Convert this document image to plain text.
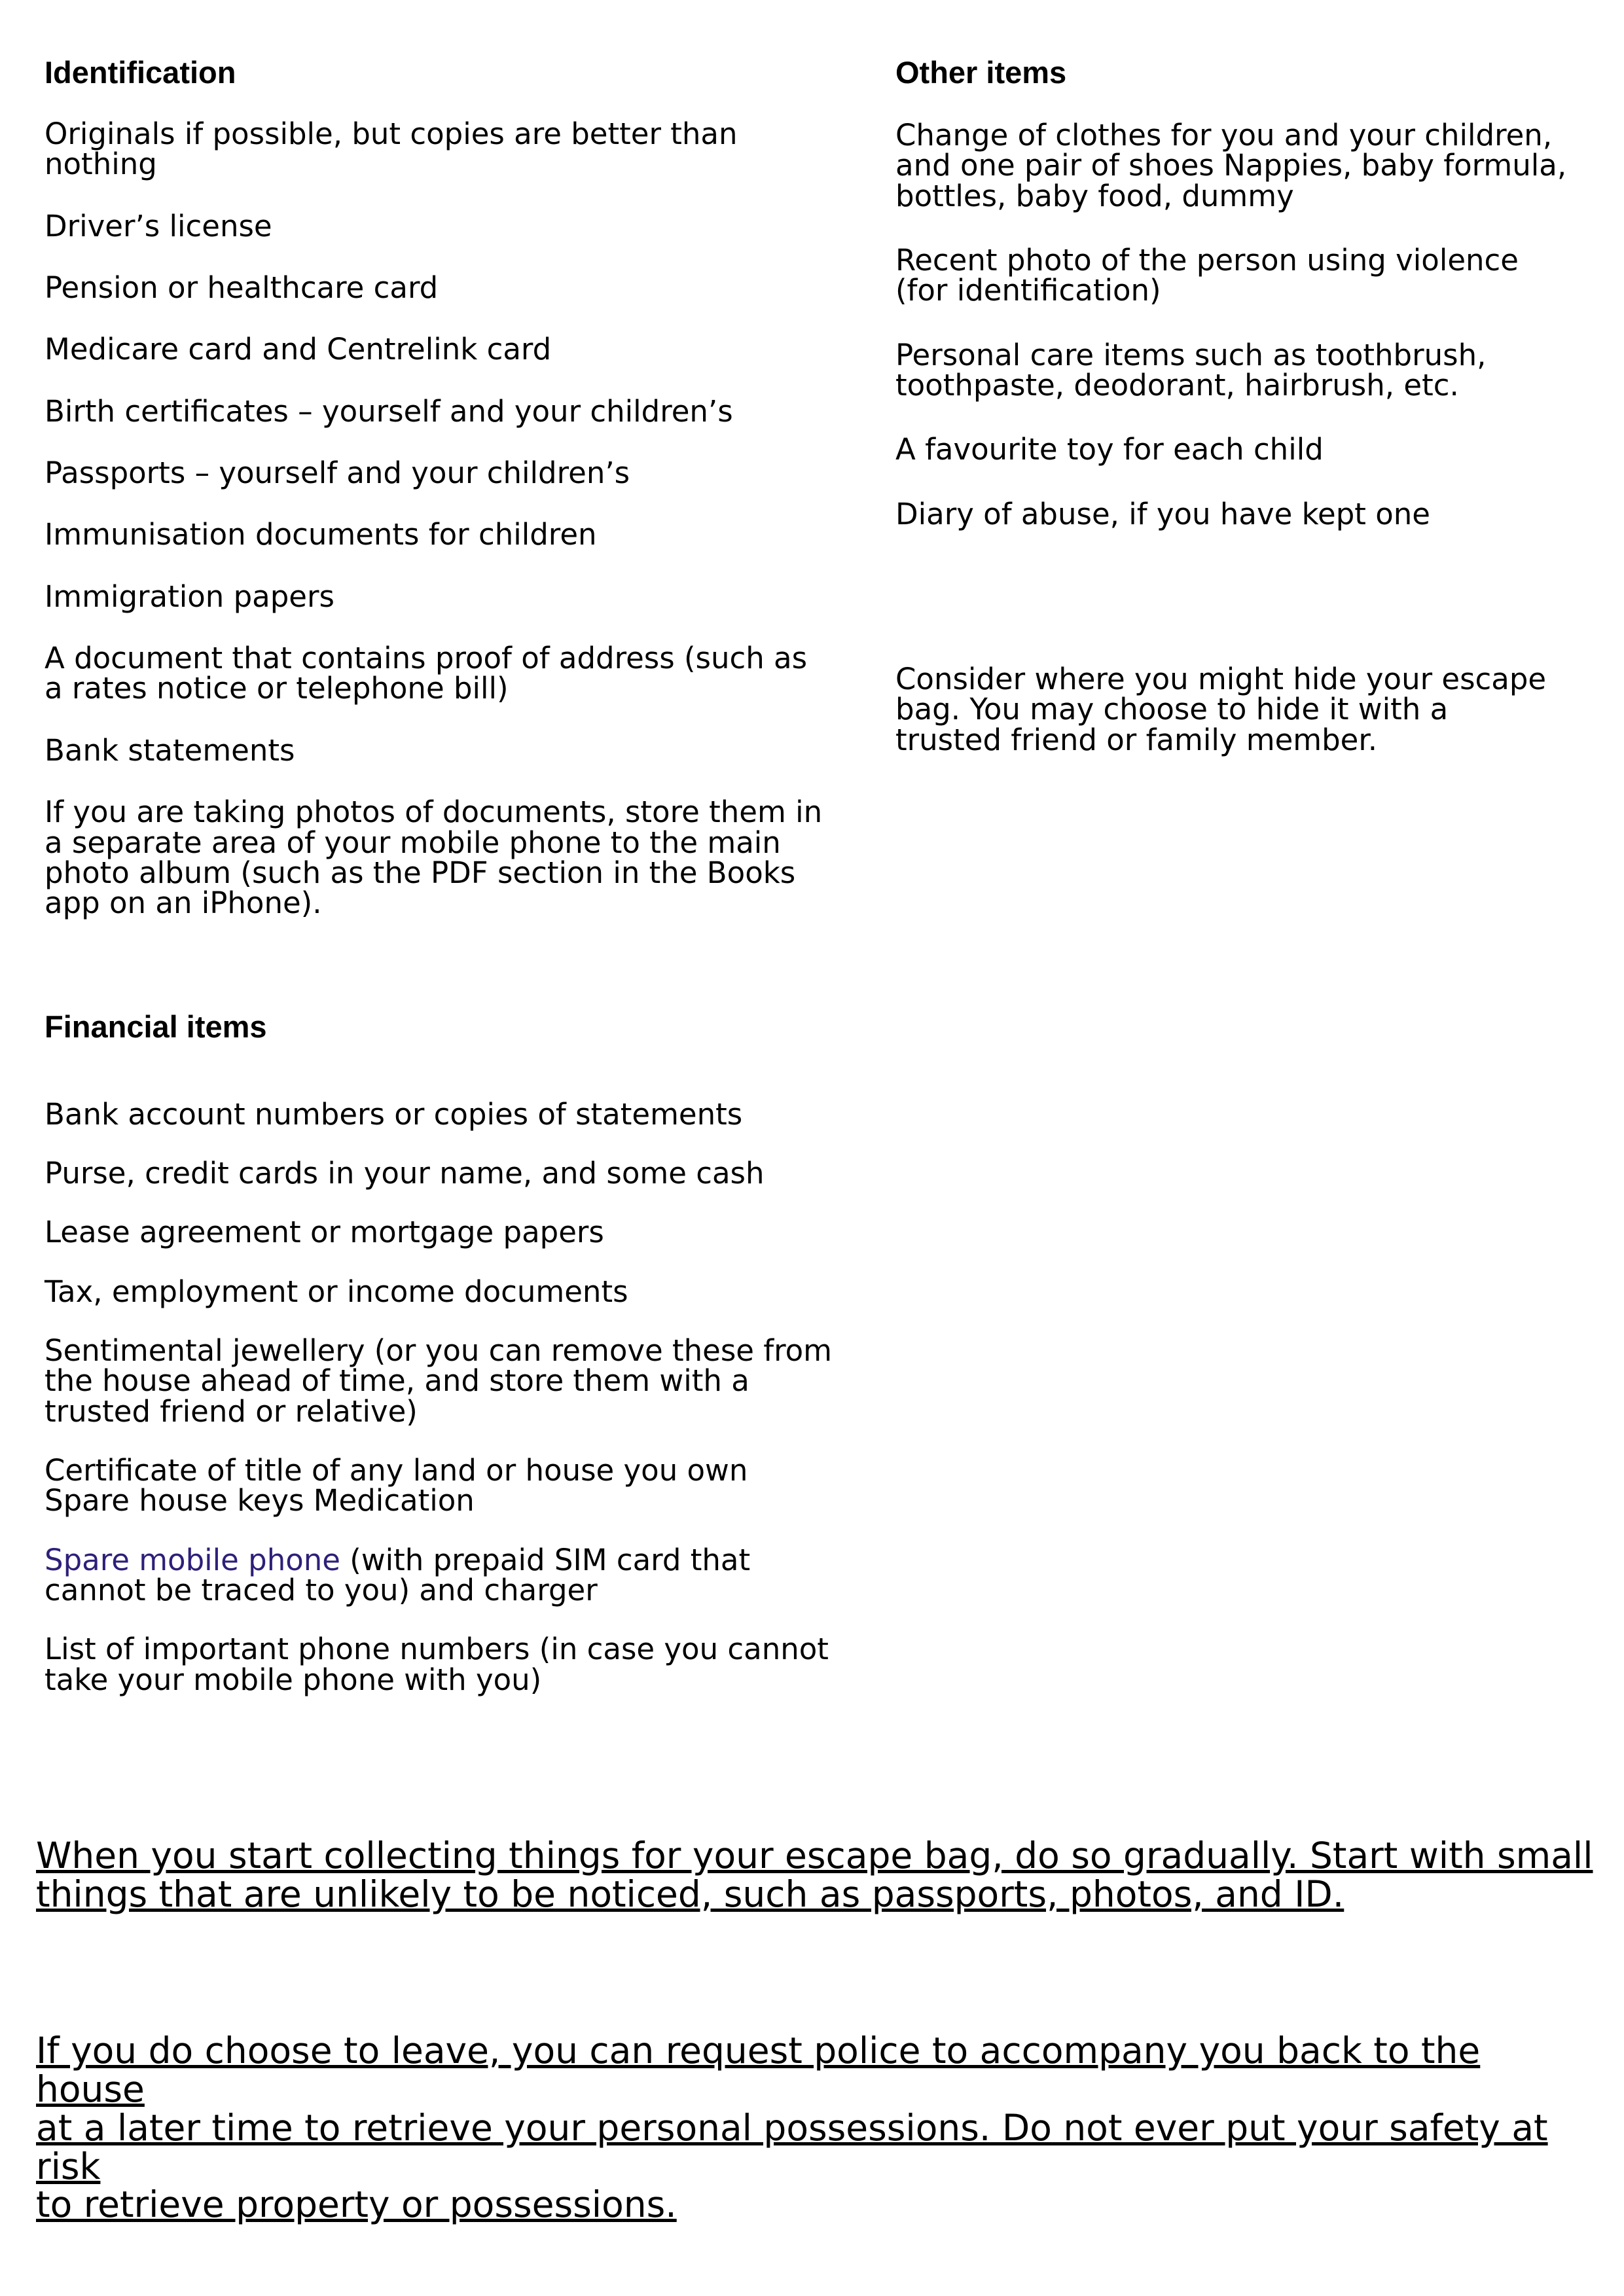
Identification

Originals if possible, but copies are better than
nothing

Driver’s license

Pension or healthcare card

Medicare card and Centrelink card

Birth certificates – yourself and your children’s

Passports – yourself and your children’s

Immunisation documents for children

Immigration papers

A document that contains proof of address (such as
a rates notice or telephone bill)

Bank statements

If you are taking photos of documents, store them in
a separate area of your mobile phone to the main
photo album (such as the PDF section in the Books
app on an iPhone).

Financial items

Bank account numbers or copies of statements

Purse, credit cards in your name, and some cash

Lease agreement or mortgage papers

Tax, employment or income documents

Sentimental jewellery (or you can remove these from
the house ahead of time, and store them with a
trusted friend or relative)

Certificate of title of any land or house you own
Spare house keys Medication

Spare mobile phone (with prepaid SIM card that
cannot be traced to you) and charger

List of important phone numbers (in case you cannot
take your mobile phone with you)

Other items

Change of clothes for you and your children,
and one pair of shoes Nappies, baby formula,
bottles, baby food, dummy

Recent photo of the person using violence
(for identification)

Personal care items such as toothbrush,
toothpaste, deodorant, hairbrush, etc.

A favourite toy for each child

Diary of abuse, if you have kept one

Consider where you might hide your escape
bag. You may choose to hide it with a
trusted friend or family member.

When you start collecting things for your escape bag, do so gradually. Start with small
things that are unlikely to be noticed, such as passports, photos, and ID.

If you do choose to leave, you can request police to accompany you back to the house
at a later time to retrieve your personal possessions. Do not ever put your safety at risk
to retrieve property or possessions.
